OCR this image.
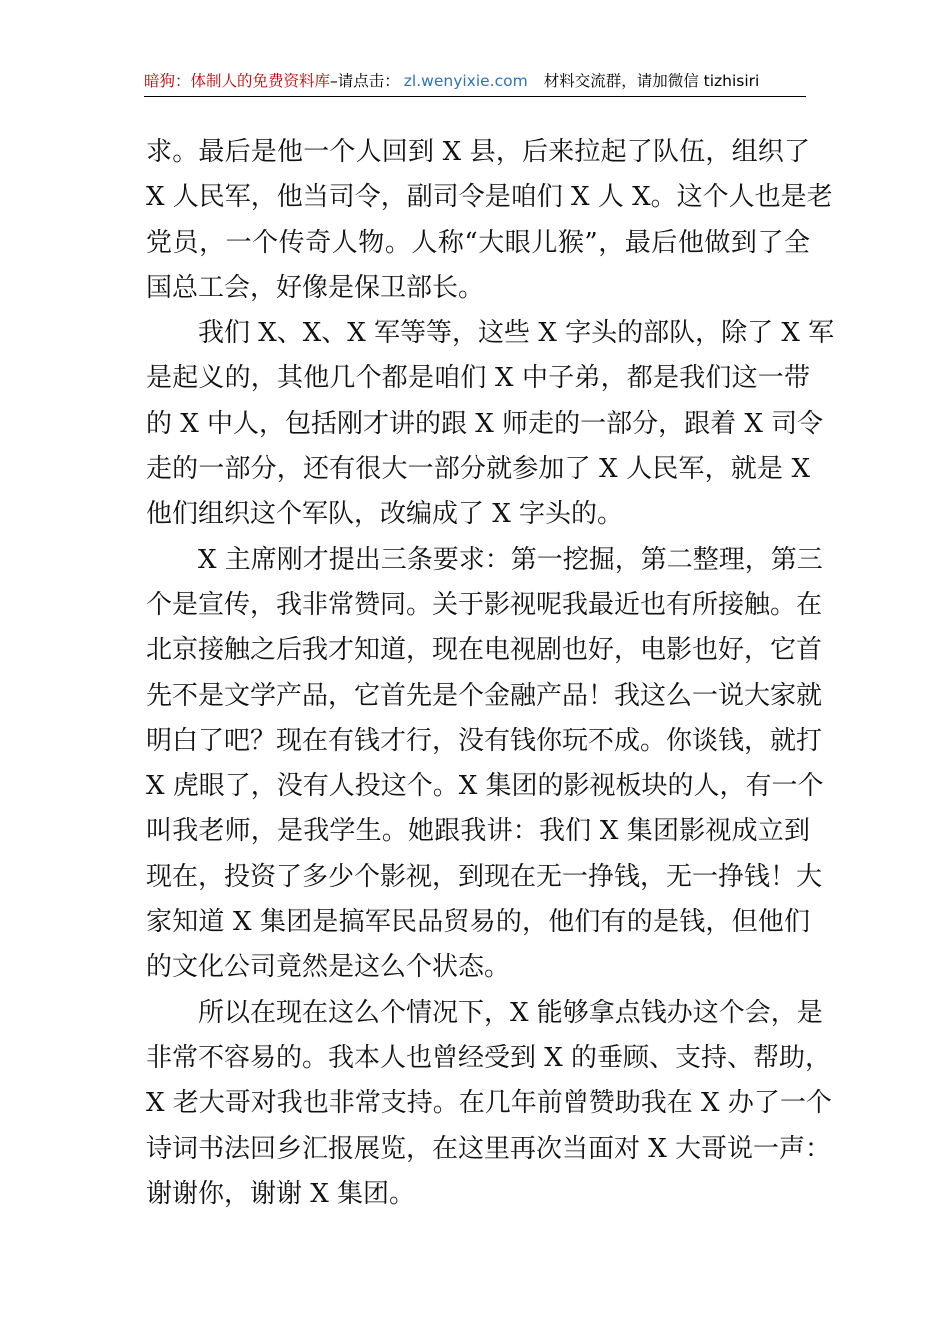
暗狗：体制人的免费资料库 –请点击： zl.wenyixie.com 材料交流群，请加微信 tizhisiri
求。最后是他一个人回到 X 县，后来拉起了队伍，组织了
X 人民军，他当司令，副司令是咱们 X 人 X。这个人也是老
党员，一个传奇人物。人称“大眼儿猴”，最后他做到了全
国总工会，好像是保卫部长。
　　我们 X、X、X 军等等，这些 X 字头的部队，除了 X 军
是起义的，其他几个都是咱们 X 中子弟，都是我们这一带
的 X 中人，包括刚才讲的跟 X 师走的一部分，跟着 X 司令
走的一部分，还有很大一部分就参加了 X 人民军，就是 X
他们组织这个军队，改编成了 X 字头的。
　　X 主席刚才提出三条要求：第一挖掘，第二整理，第三
个是宣传，我非常赞同。关于影视呢我最近也有所接触。在
北京接触之后我才知道，现在电视剧也好，电影也好，它首
先不是文学产品，它首先是个金融产品！我这么一说大家就
明白了吧？现在有钱才行，没有钱你玩不成。你谈钱，就打
X 虎眼了，没有人投这个。X 集团的影视板块的人，有一个
叫我老师，是我学生。她跟我讲：我们 X 集团影视成立到
现在，投资了多少个影视，到现在无一挣钱，无一挣钱！大
家知道 X 集团是搞军民品贸易的，他们有的是钱，但他们
的文化公司竟然是这么个状态。
　　所以在现在这么个情况下，X 能够拿点钱办这个会，是
非常不容易的。我本人也曾经受到 X 的垂顾、支持、帮助，
X 老大哥对我也非常支持。在几年前曾赞助我在 X 办了一个
诗词书法回乡汇报展览，在这里再次当面对 X 大哥说一声：
谢谢你，谢谢 X 集团。
